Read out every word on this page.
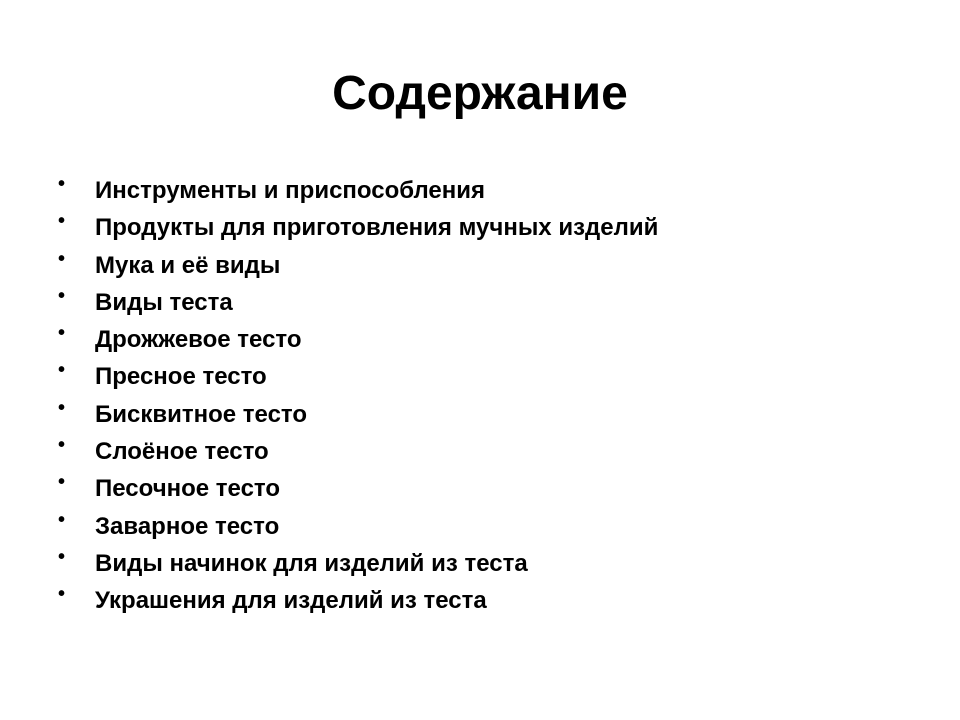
Содержание
• Инструменты и приспособления
• Продукты для приготовления мучных изделий
• Мука и её виды
• Виды теста
• Дрожжевое тесто
• Пресное тесто
• Бисквитное тесто
• Слоёное тесто
• Песочное тесто
• Заварное тесто
• Виды начинок для изделий из теста
• Украшения для изделий из теста
